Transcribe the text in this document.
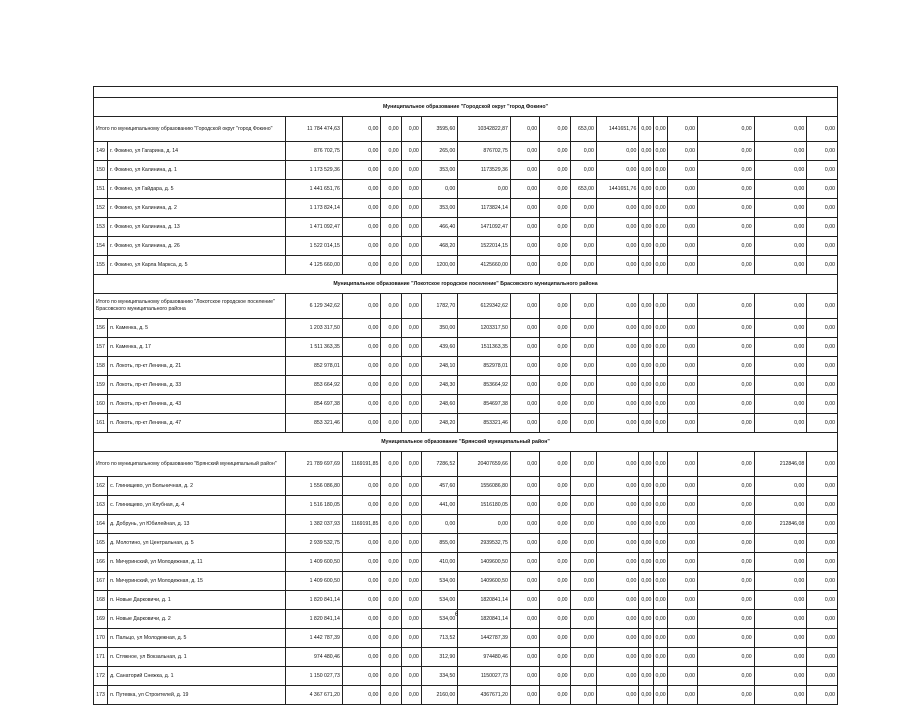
Муниципальное образование "Городской округ "город Фокино"																	
Итого по муниципальному образованию "Городской округ "город Фокино"		11 784 474,63	0,00	0,00	0,00	3595,60	10342822,87	0,00	0,00	653,00	1441651,76	0,00	0,00	0,00	0,00	0,00	0,00
149	г. Фокино, ул Гагарина, д. 14	876 702,75	0,00	0,00	0,00	265,00	876702,75	0,00	0,00	0,00	0,00	0,00	0,00	0,00	0,00	0,00	0,00
150	г. Фокино, ул Калинина, д. 1	1 173 529,36	0,00	0,00	0,00	353,00	1173529,36	0,00	0,00	0,00	0,00	0,00	0,00	0,00	0,00	0,00	0,00
151	г. Фокино, ул Гайдара, д. 5	1 441 651,76	0,00	0,00	0,00	0,00	0,00	0,00	0,00	653,00	1441651,76	0,00	0,00	0,00	0,00	0,00	0,00
152	г. Фокино, ул Калинина, д. 2	1 173 824,14	0,00	0,00	0,00	353,00	1173824,14	0,00	0,00	0,00	0,00	0,00	0,00	0,00	0,00	0,00	0,00
153	г. Фокино, ул Калинина, д. 13	1 471 092,47	0,00	0,00	0,00	466,40	1471092,47	0,00	0,00	0,00	0,00	0,00	0,00	0,00	0,00	0,00	0,00
154	г. Фокино, ул Калинина, д. 26	1 522 014,15	0,00	0,00	0,00	468,20	1522014,15	0,00	0,00	0,00	0,00	0,00	0,00	0,00	0,00	0,00	0,00
155	г. Фокино, ул Карла Маркса, д. 5	4 125 660,00	0,00	0,00	0,00	1200,00	4125660,00	0,00	0,00	0,00	0,00	0,00	0,00	0,00	0,00	0,00	0,00
Муниципальное образование "Локотское городское поселение" Брасовского муниципального района																	
Итого по муниципальному образованию "Локотское городское поселение" Брасовского муниципального района		6 129 342,62	0,00	0,00	0,00	1782,70	6129342,62	0,00	0,00	0,00	0,00	0,00	0,00	0,00	0,00	0,00	0,00
156	п. Каменка, д. 5	1 203 317,50	0,00	0,00	0,00	350,00	1203317,50	0,00	0,00	0,00	0,00	0,00	0,00	0,00	0,00	0,00	0,00
157	п. Каменка, д. 17	1 511 363,35	0,00	0,00	0,00	439,60	1511363,35	0,00	0,00	0,00	0,00	0,00	0,00	0,00	0,00	0,00	0,00
158	п. Локоть, пр-кт Ленина, д. 21	852 978,01	0,00	0,00	0,00	248,10	852978,01	0,00	0,00	0,00	0,00	0,00	0,00	0,00	0,00	0,00	0,00
159	п. Локоть, пр-кт Ленина, д. 33	853 664,92	0,00	0,00	0,00	248,30	853664,92	0,00	0,00	0,00	0,00	0,00	0,00	0,00	0,00	0,00	0,00
160	п. Локоть, пр-кт Ленина, д. 43	854 697,38	0,00	0,00	0,00	248,60	854697,38	0,00	0,00	0,00	0,00	0,00	0,00	0,00	0,00	0,00	0,00
161	п. Локоть, пр-кт Ленина, д. 47	853 321,46	0,00	0,00	0,00	248,20	853321,46	0,00	0,00	0,00	0,00	0,00	0,00	0,00	0,00	0,00	0,00
Муниципальное образование "Брянский муниципальный район"																	
Итого по муниципальному образованию "Брянский муниципальный район"		21 789 697,69	1169191,85	0,00	0,00	7286,52	20407659,66	0,00	0,00	0,00	0,00	0,00	0,00	0,00	0,00	212846,08	0,00
162	с. Глинищево, ул Больничная, д. 2	1 556 086,80	0,00	0,00	0,00	457,60	1556086,80	0,00	0,00	0,00	0,00	0,00	0,00	0,00	0,00	0,00	0,00
163	с. Глинищево, ул Клубная, д. 4	1 516 180,05	0,00	0,00	0,00	441,00	1516180,05	0,00	0,00	0,00	0,00	0,00	0,00	0,00	0,00	0,00	0,00
164	д. Добрунь, ул Юбилейная, д. 13	1 382 037,93	1169191,85	0,00	0,00	0,00	0,00	0,00	0,00	0,00	0,00	0,00	0,00	0,00	0,00	212846,08	0,00
165	д. Молотино, ул Центральная, д. 5	2 939 532,75	0,00	0,00	0,00	855,00	2939532,75	0,00	0,00	0,00	0,00	0,00	0,00	0,00	0,00	0,00	0,00
166	п. Мичуринский, ул Молодежная, д. 11	1 409 600,50	0,00	0,00	0,00	410,00	1409600,50	0,00	0,00	0,00	0,00	0,00	0,00	0,00	0,00	0,00	0,00
167	п. Мичуринский, ул Молодежная, д. 15	1 409 600,50	0,00	0,00	0,00	534,00	1409600,50	0,00	0,00	0,00	0,00	0,00	0,00	0,00	0,00	0,00	0,00
168	п. Новые Дарковичи, д. 1	1 820 841,14	0,00	0,00	0,00	534,00	1820841,14	0,00	0,00	0,00	0,00	0,00	0,00	0,00	0,00	0,00	0,00
169	п. Новые Дарковичи, д. 2	1 820 841,14	0,00	0,00	0,00	534,00	1820841,14	0,00	0,00	0,00	0,00	0,00	0,00	0,00	0,00	0,00	0,00
170	п. Пальцо, ул Молодежная, д. 5	1 442 787,39	0,00	0,00	0,00	713,52	1442787,39	0,00	0,00	0,00	0,00	0,00	0,00	0,00	0,00	0,00	0,00
171	п. Стяжное, ул Вокзальная, д. 1	974 480,46	0,00	0,00	0,00	312,90	974480,46	0,00	0,00	0,00	0,00	0,00	0,00	0,00	0,00	0,00	0,00
172	д. Санаторий Снежка, д. 1	1 150 027,73	0,00	0,00	0,00	334,50	1150027,73	0,00	0,00	0,00	0,00	0,00	0,00	0,00	0,00	0,00	0,00
173	п. Путевка, ул Строителей, д. 19	4 367 671,20	0,00	0,00	0,00	2160,00	4367671,20	0,00	0,00	0,00	0,00	0,00	0,00	0,00	0,00	0,00	0,00
6
